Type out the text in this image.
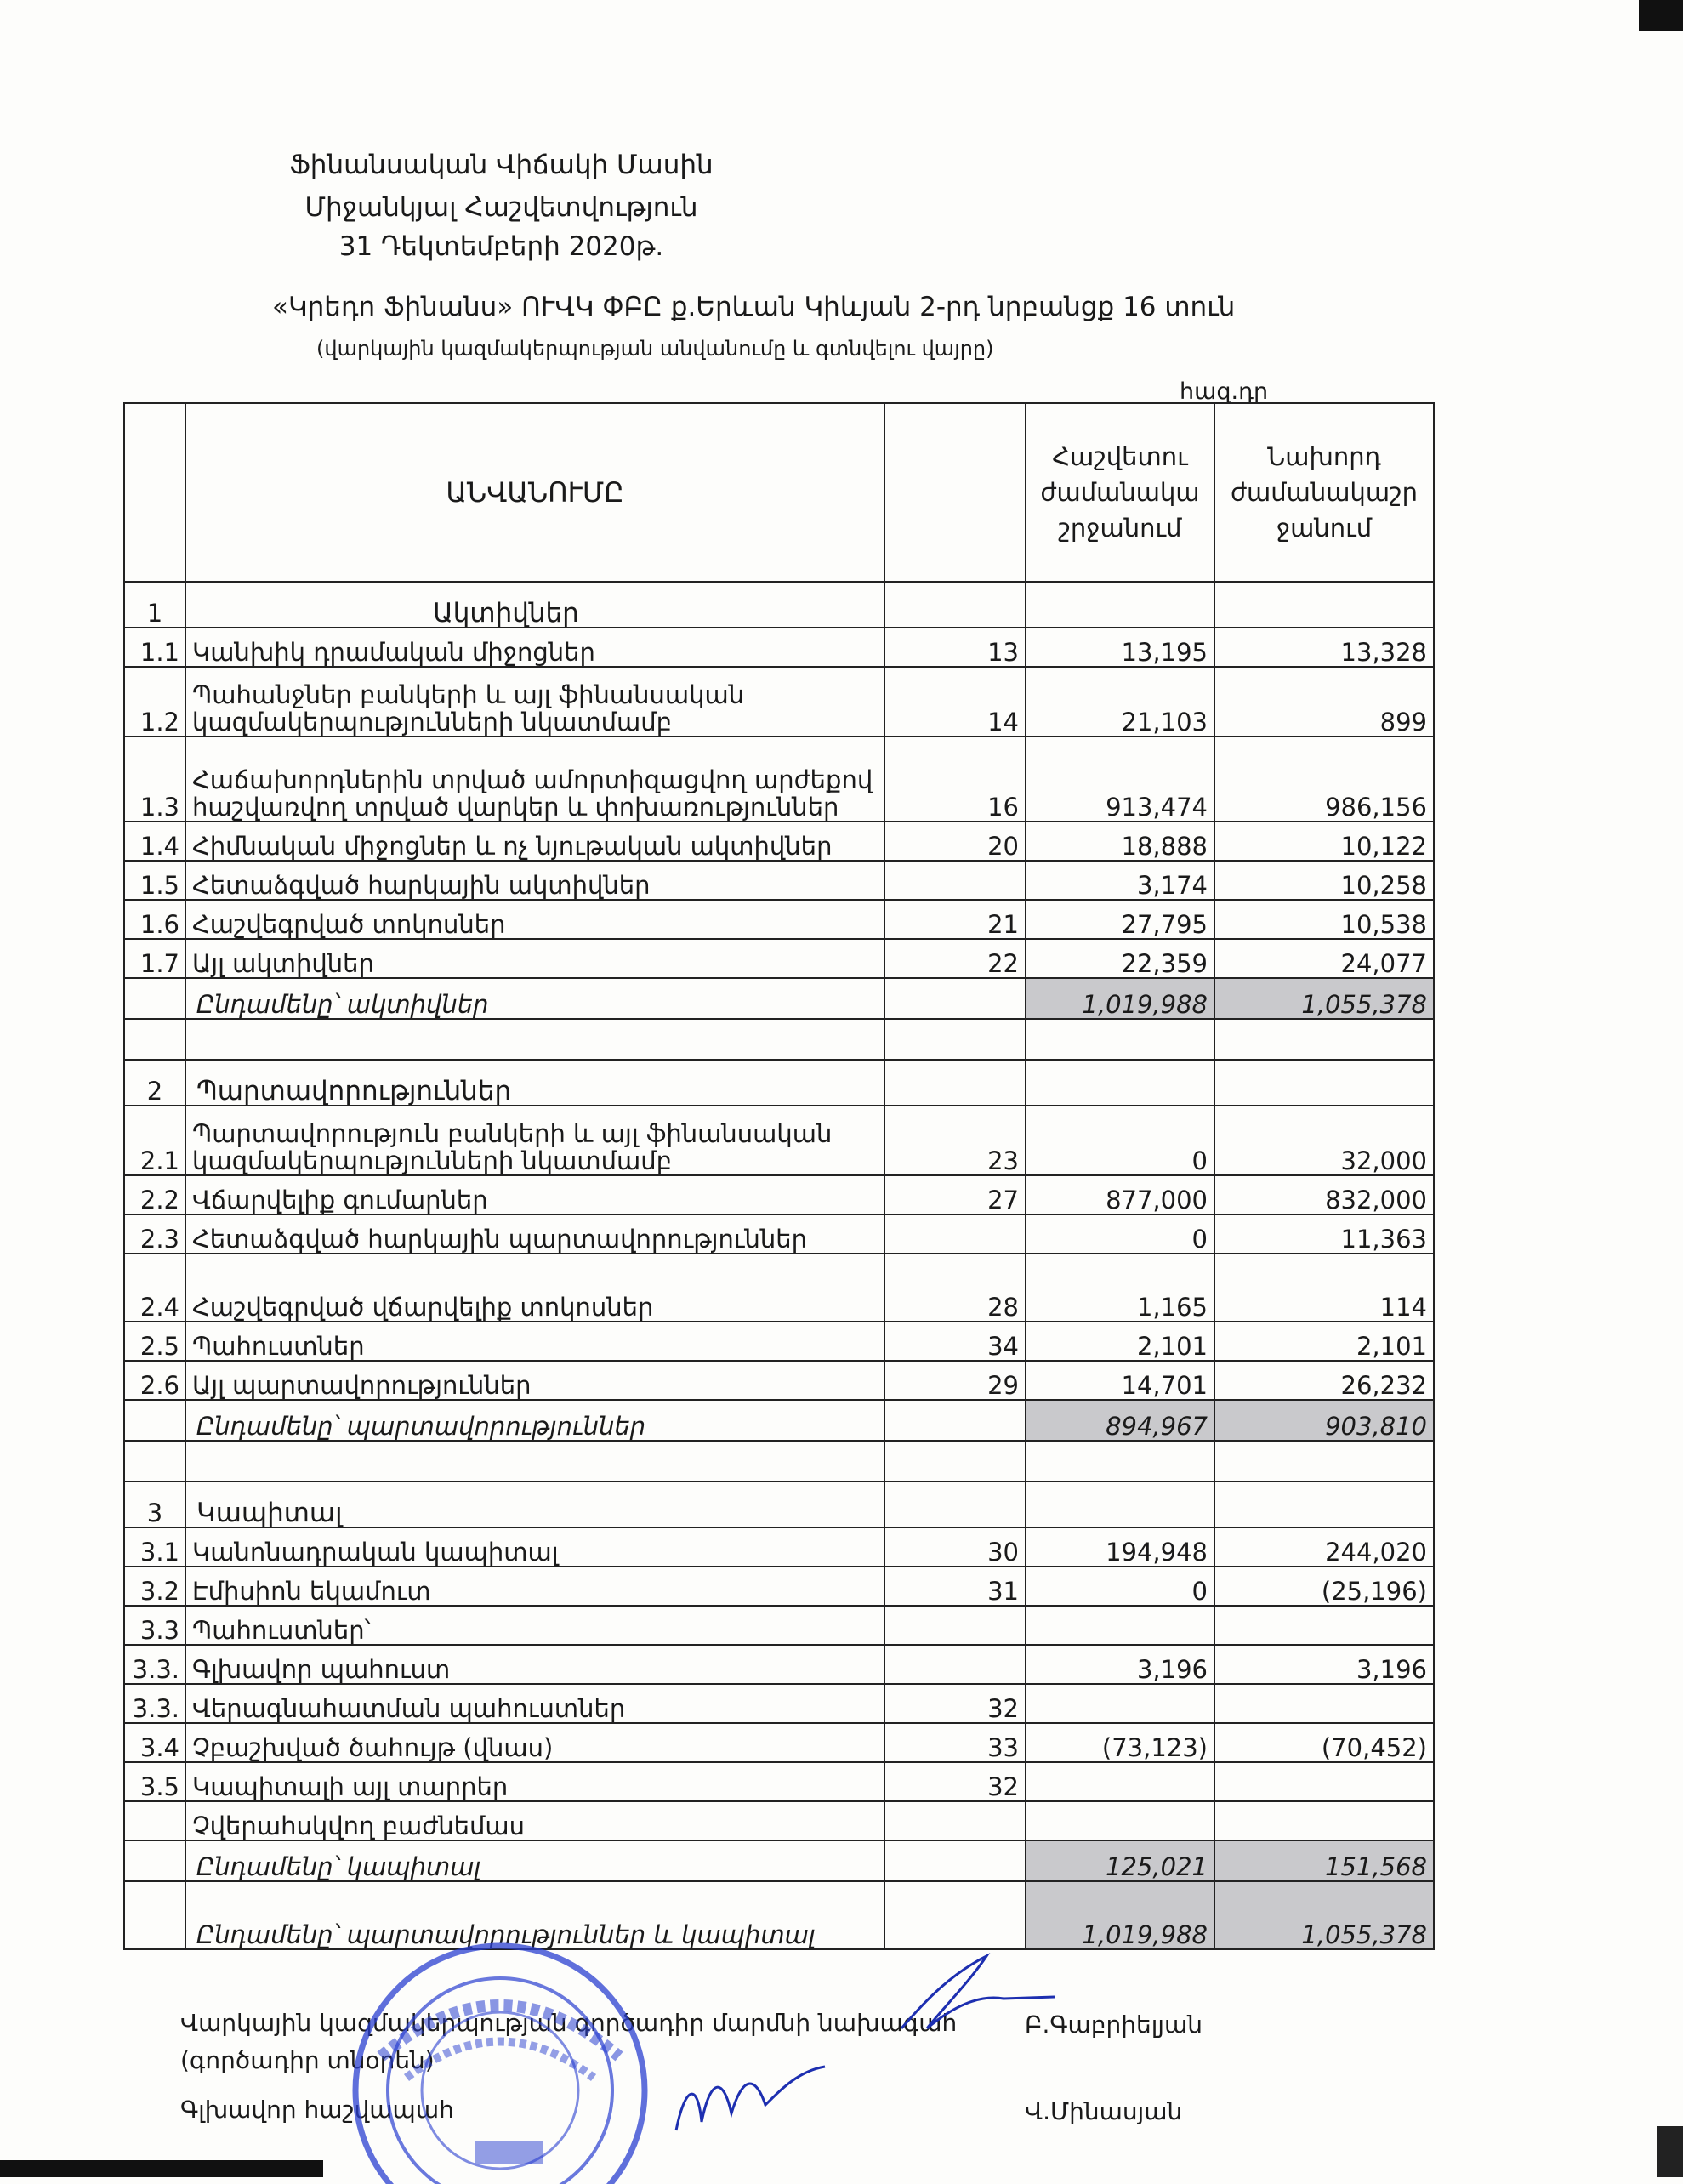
Ֆինանսական Վիճակի Մասին
Միջանկյալ Հաշվետվություն
31 Դեկտեմբերի 2020թ.
«Կրեդո Ֆինանս» ՈՒՎԿ ՓԲԸ ք.Երևան Կիևյան 2-րդ նրբանցք 16 տուն
(վարկային կազմակերպության անվանումը և գտնվելու վայրը)
հազ.դր
	ԱՆՎԱՆՈՒՄԸ		Հաշվետու ժամանակա շրջանում	Նախորդ ժամանակաշր ջանում
1	Ակտիվներ			
1.1	Կանխիկ դրամական միջոցներ	13	13,195	13,328
1.2	Պահանջներ բանկերի և այլ ֆինանսական կազմակերպությունների նկատմամբ	14	21,103	899
1.3	Հաճախորդներին տրված ամորտիզացվող արժեքով հաշվառվող տրված վարկեր և փոխառություններ	16	913,474	986,156
1.4	Հիմնական միջոցներ և ոչ նյութական ակտիվներ	20	18,888	10,122
1.5	Հետաձգված հարկային ակտիվներ		3,174	10,258
1.6	Հաշվեգրված տոկոսներ	21	27,795	10,538
1.7	Այլ ակտիվներ	22	22,359	24,077
	Ընդամենը՝ ակտիվներ		1,019,988	1,055,378

2	Պարտավորություններ			
2.1	Պարտավորություն բանկերի և այլ ֆինանսական կազմակերպությունների նկատմամբ	23	0	32,000
2.2	Վճարվելիք գումարներ	27	877,000	832,000
2.3	Հետաձգված հարկային պարտավորություններ		0	11,363
2.4	Հաշվեգրված վճարվելիք տոկոսներ	28	1,165	114
2.5	Պահուստներ	34	2,101	2,101
2.6	Այլ պարտավորություններ	29	14,701	26,232
	Ընդամենը՝ պարտավորություններ		894,967	903,810

3	Կապիտալ			
3.1	Կանոնադրական կապիտալ	30	194,948	244,020
3.2	Էմիսիոն եկամուտ	31	0	(25,196)
3.3	Պահուստներ՝			
3.3.	Գլխավոր պահուստ		3,196	3,196
3.3.	Վերագնահատման պահուստներ	32		
3.4	Չբաշխված ծահույթ (վնաս)	33	(73,123)	(70,452)
3.5	Կապիտալի այլ տարրեր	32		
	Չվերահսկվող բաժնեմաս			
	Ընդամենը՝ կապիտալ		125,021	151,568
	Ընդամենը՝ պարտավորություններ և կապիտալ		1,019,988	1,055,378
Վարկային կազմակերպության գործադիր մարմնի նախագահ
(գործադիր տնօրեն)
Բ.Գաբրիելյան
Գլխավոր հաշվապահ	Վ.Մինասյան
